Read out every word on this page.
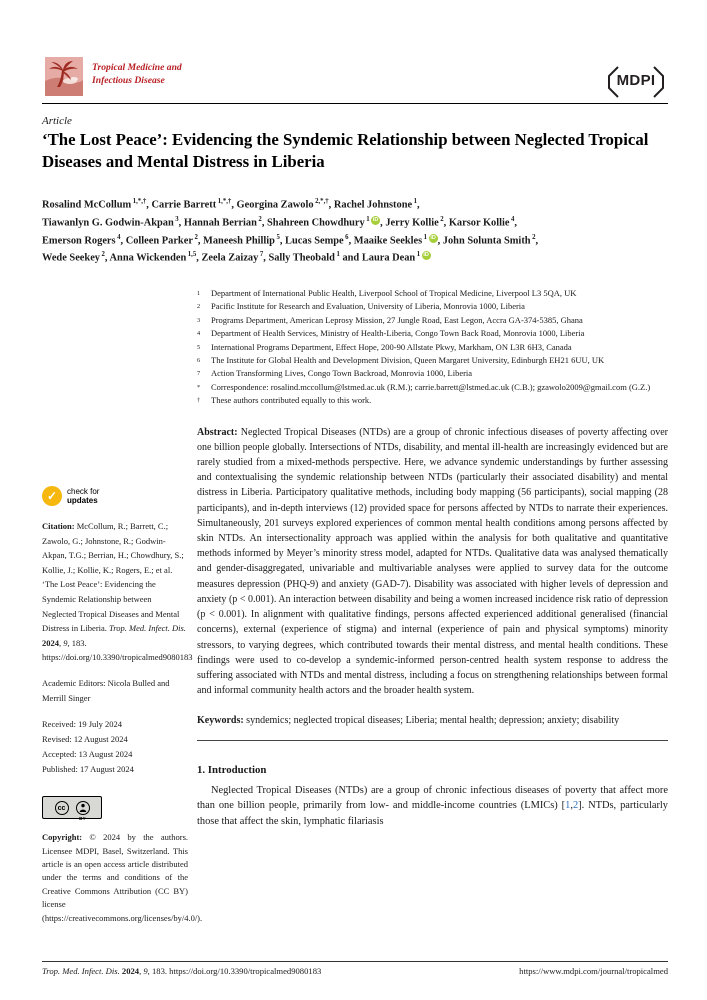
Tropical Medicine and
Infectious Disease	MDPI
Article
‘The Lost Peace’: Evidencing the Syndemic Relationship between Neglected Tropical Diseases and Mental Distress in Liberia
Rosalind McCollum $^{1,*,\dagger}$, Carrie Barrett $^{1,*,\dagger}$, Georgina Zawolo $^{2,*,\dagger}$, Rachel Johnstone $^1$,
Tiawanlyn G. Godwin-Akpan $^3$, Hannah Berrian $^2$, Shahreen Chowdhury $^1$ iD , Jerry Kollie $^2$, Karsor Kollie $^4$,
Emerson Rogers $^4$, Colleen Parker $^2$, Maneesh Phillip $^5$, Lucas Sempe $^6$, Maaike Seekles $^1$ iD , John Solunta Smith $^2$,
Wede Seekey $^2$, Anna Wickenden $^{1,5}$, Zeela Zaizay $^7$, Sally Theobald $^1$ and Laura Dean $^1$ iD
✓	check for
updates
Citation: McCollum, R.; Barrett, C.; Zawolo, G.; Johnstone, R.; Godwin-Akpan, T.G.; Berrian, H.; Chowdhury, S.; Kollie, J.; Kollie, K.; Rogers, E.; et al. ‘The Lost Peace’: Evidencing the Syndemic Relationship between Neglected Tropical Diseases and Mental Distress in Liberia. Trop. Med. Infect. Dis. 2024, 9, 183. https://doi.org/10.3390/tropicalmed9080183
Academic Editors: Nicola Bulled and Merrill Singer
Received: 19 July 2024
Revised: 12 August 2024
Accepted: 13 August 2024
Published: 17 August 2024
cc
BY
Copyright: © 2024 by the authors. Licensee MDPI, Basel, Switzerland. This article is an open access article distributed under the terms and conditions of the Creative Commons Attribution (CC BY) license (https://creativecommons.org/licenses/by/4.0/).
1	Department of International Public Health, Liverpool School of Tropical Medicine, Liverpool L3 5QA, UK
2	Pacific Institute for Research and Evaluation, University of Liberia, Monrovia 1000, Liberia
3	Programs Department, American Leprosy Mission, 27 Jungle Road, East Legon, Accra GA-374-5385, Ghana
4	Department of Health Services, Ministry of Health-Liberia, Congo Town Back Road, Monrovia 1000, Liberia
5	International Programs Department, Effect Hope, 200-90 Allstate Pkwy, Markham, ON L3R 6H3, Canada
6	The Institute for Global Health and Development Division, Queen Margaret University, Edinburgh EH21 6UU, UK
7	Action Transforming Lives, Congo Town Backroad, Monrovia 1000, Liberia
*	Correspondence: rosalind.mccollum@lstmed.ac.uk (R.M.); carrie.barrett@lstmed.ac.uk (C.B.); gzawolo2009@gmail.com (G.Z.)
†	These authors contributed equally to this work.
Abstract: Neglected Tropical Diseases (NTDs) are a group of chronic infectious diseases of poverty affecting over one billion people globally. Intersections of NTDs, disability, and mental ill-health are increasingly evidenced but are rarely studied from a mixed-methods perspective. Here, we advance syndemic understandings by further assessing and contextualising the syndemic relationship between NTDs (particularly their associated disability) and mental distress in Liberia. Participatory qualitative methods, including body mapping (56 participants), social mapping (28 participants), and in-depth interviews (12) provided space for persons affected by NTDs to narrate their experiences. Simultaneously, 201 surveys explored experiences of common mental health conditions among persons affected by skin NTDs. An intersectionality approach was applied within the analysis for both qualitative and quantitative methods informed by Meyer’s minority stress model, adapted for NTDs. Qualitative data was analysed thematically and gender-disaggregated, univariable and multivariable analyses were applied to survey data for the outcome measures depression (PHQ-9) and anxiety (GAD-7). Disability was associated with higher levels of depression and anxiety (p < 0.001). An interaction between disability and being a women increased incidence risk ratio of depression (p < 0.001). In alignment with qualitative findings, persons affected experienced additional generalised (financial concerns), external (experience of stigma) and internal (experience of pain and physical symptoms) minority stressors, to varying degrees, which contributed towards their mental distress, and mental health conditions. These findings were used to co-develop a syndemic-informed person-centred health system response to address the suffering associated with NTDs and mental distress, including a focus on strengthening relationships between formal and informal community health actors and the broader health system.
Keywords: syndemics; neglected tropical diseases; Liberia; mental health; depression; anxiety; disability
1. Introduction

Neglected Tropical Diseases (NTDs) are a group of chronic infectious diseases of poverty that affect more than one billion people, primarily from low- and middle-income countries (LMICs) [1,2]. NTDs, particularly those that affect the skin, lymphatic filariasis

Trop. Med. Infect. Dis. 2024, 9, 183. https://doi.org/10.3390/tropicalmed9080183	https://www.mdpi.com/journal/tropicalmed
